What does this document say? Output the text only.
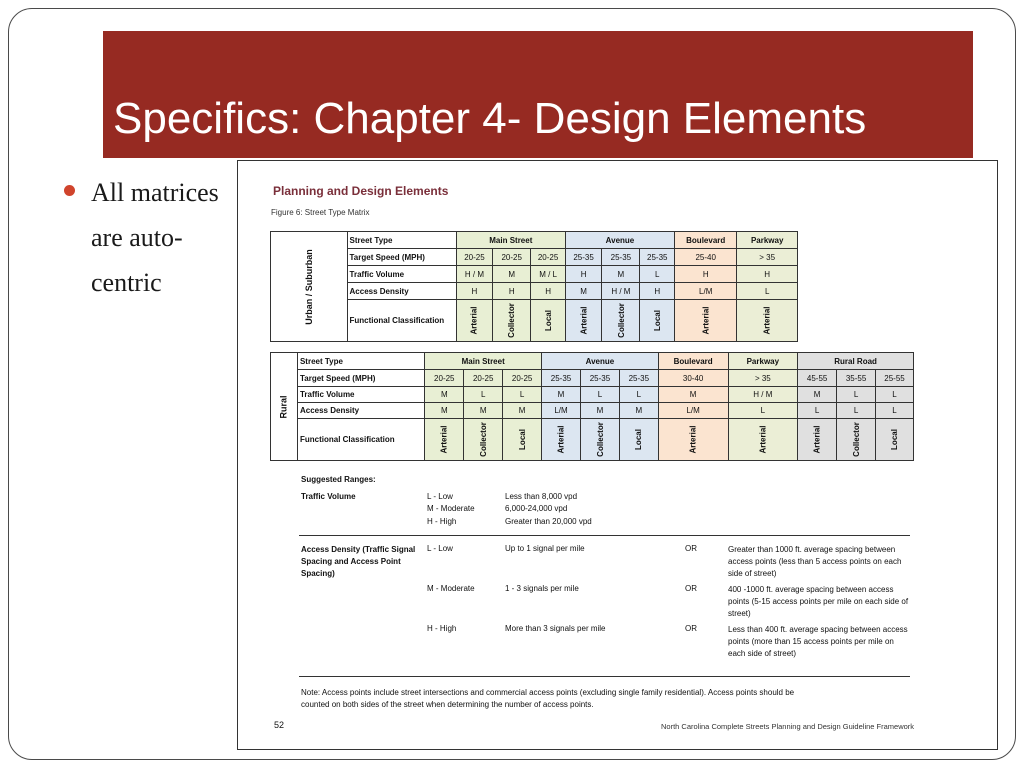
Specifics: Chapter 4- Design Elements
All matrices are auto-centric
Planning and Design Elements
Figure 6: Street Type Matrix
Urban / Suburban	Street Type	Main Street			Avenue			Boulevard	Parkway
	Target Speed (MPH)	20-25	20-25	20-25	25-35	25-35	25-35	25-40	> 35
	Traffic Volume	H / M	M	M / L	H	M	L	H	H
	Access Density	H	H	H	M	H / M	H	L/M	L
	Functional Classification	Arterial	Collector	Local	Arterial	Collector	Local	Arterial	Arterial
Rural	Street Type	Main Street			Avenue			Boulevard	Parkway	Rural Road		
	Target Speed (MPH)	20-25	20-25	20-25	25-35	25-35	25-35	30-40	> 35	45-55	35-55	25-55
	Traffic Volume	M	L	L	M	L	L	M	H / M	M	L	L
	Access Density	M	M	M	L/M	M	M	L/M	L	L	L	L
	Functional Classification	Arterial	Collector	Local	Arterial	Collector	Local	Arterial	Arterial	Arterial	Collector	Local
Suggested Ranges:
Traffic Volume	L - Low	Less than 8,000 vpd
M - Moderate	6,000-24,000 vpd
H - High	Greater than 20,000 vpd
Access Density (Traffic Signal Spacing and Access Point Spacing)
L - Low	Up to 1 signal per mile	OR	Greater than 1000 ft. average spacing between access points (less than 5 access points on each side of street)
M - Moderate	1 - 3 signals per mile	OR	400 -1000 ft. average spacing between access points (5-15 access points per mile on each side of street)
H - High	More than 3 signals per mile	OR	Less than 400 ft. average spacing between access points (more than 15 access points per mile on each side of street)
Note: Access points include street intersections and commercial access points (excluding single family residential). Access points should be counted on both sides of the street when determining the number of access points.
52	North Carolina Complete Streets Planning and Design Guideline Framework
